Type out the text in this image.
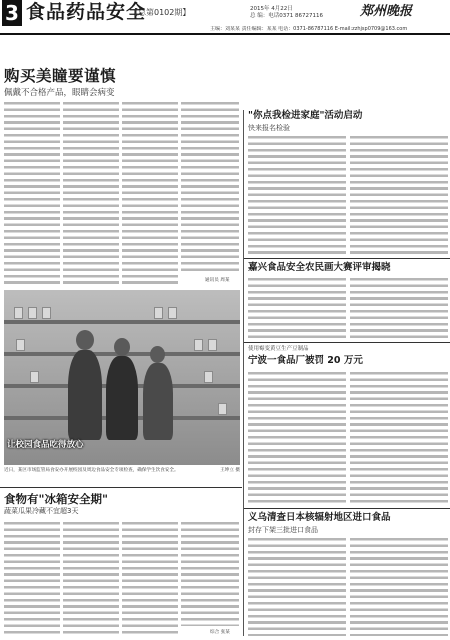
3 食品药品安全
【总第0102期】	2015年 4月22日
总 编：电话0371 86727116	郑州晚报
主编：刘某某 责任编辑：某某 电话：0371-86787116 E-mail:zzhjsp0709@163.com
购买美瞳要谨慎
佩戴不合格产品，眼睛会病变
通讯员 周某
让校园食品吃得放心
近日，某区市场监管局食安办开展校园及周边食品安全专项检查，确保学生饮食安全。	王坤立 摄
食物有"冰箱安全期"
蔬菜瓜果冷藏不宜超3天
综合 张某
"你点我检进家庭"活动启动
快来报名检验
嘉兴食品安全农民画大赛评审揭晓
使用霉变黄豆生产豆制品
宁波一食品厂被罚 20 万元
义乌清查日本核辐射地区进口食品
封存下架三批进口食品
